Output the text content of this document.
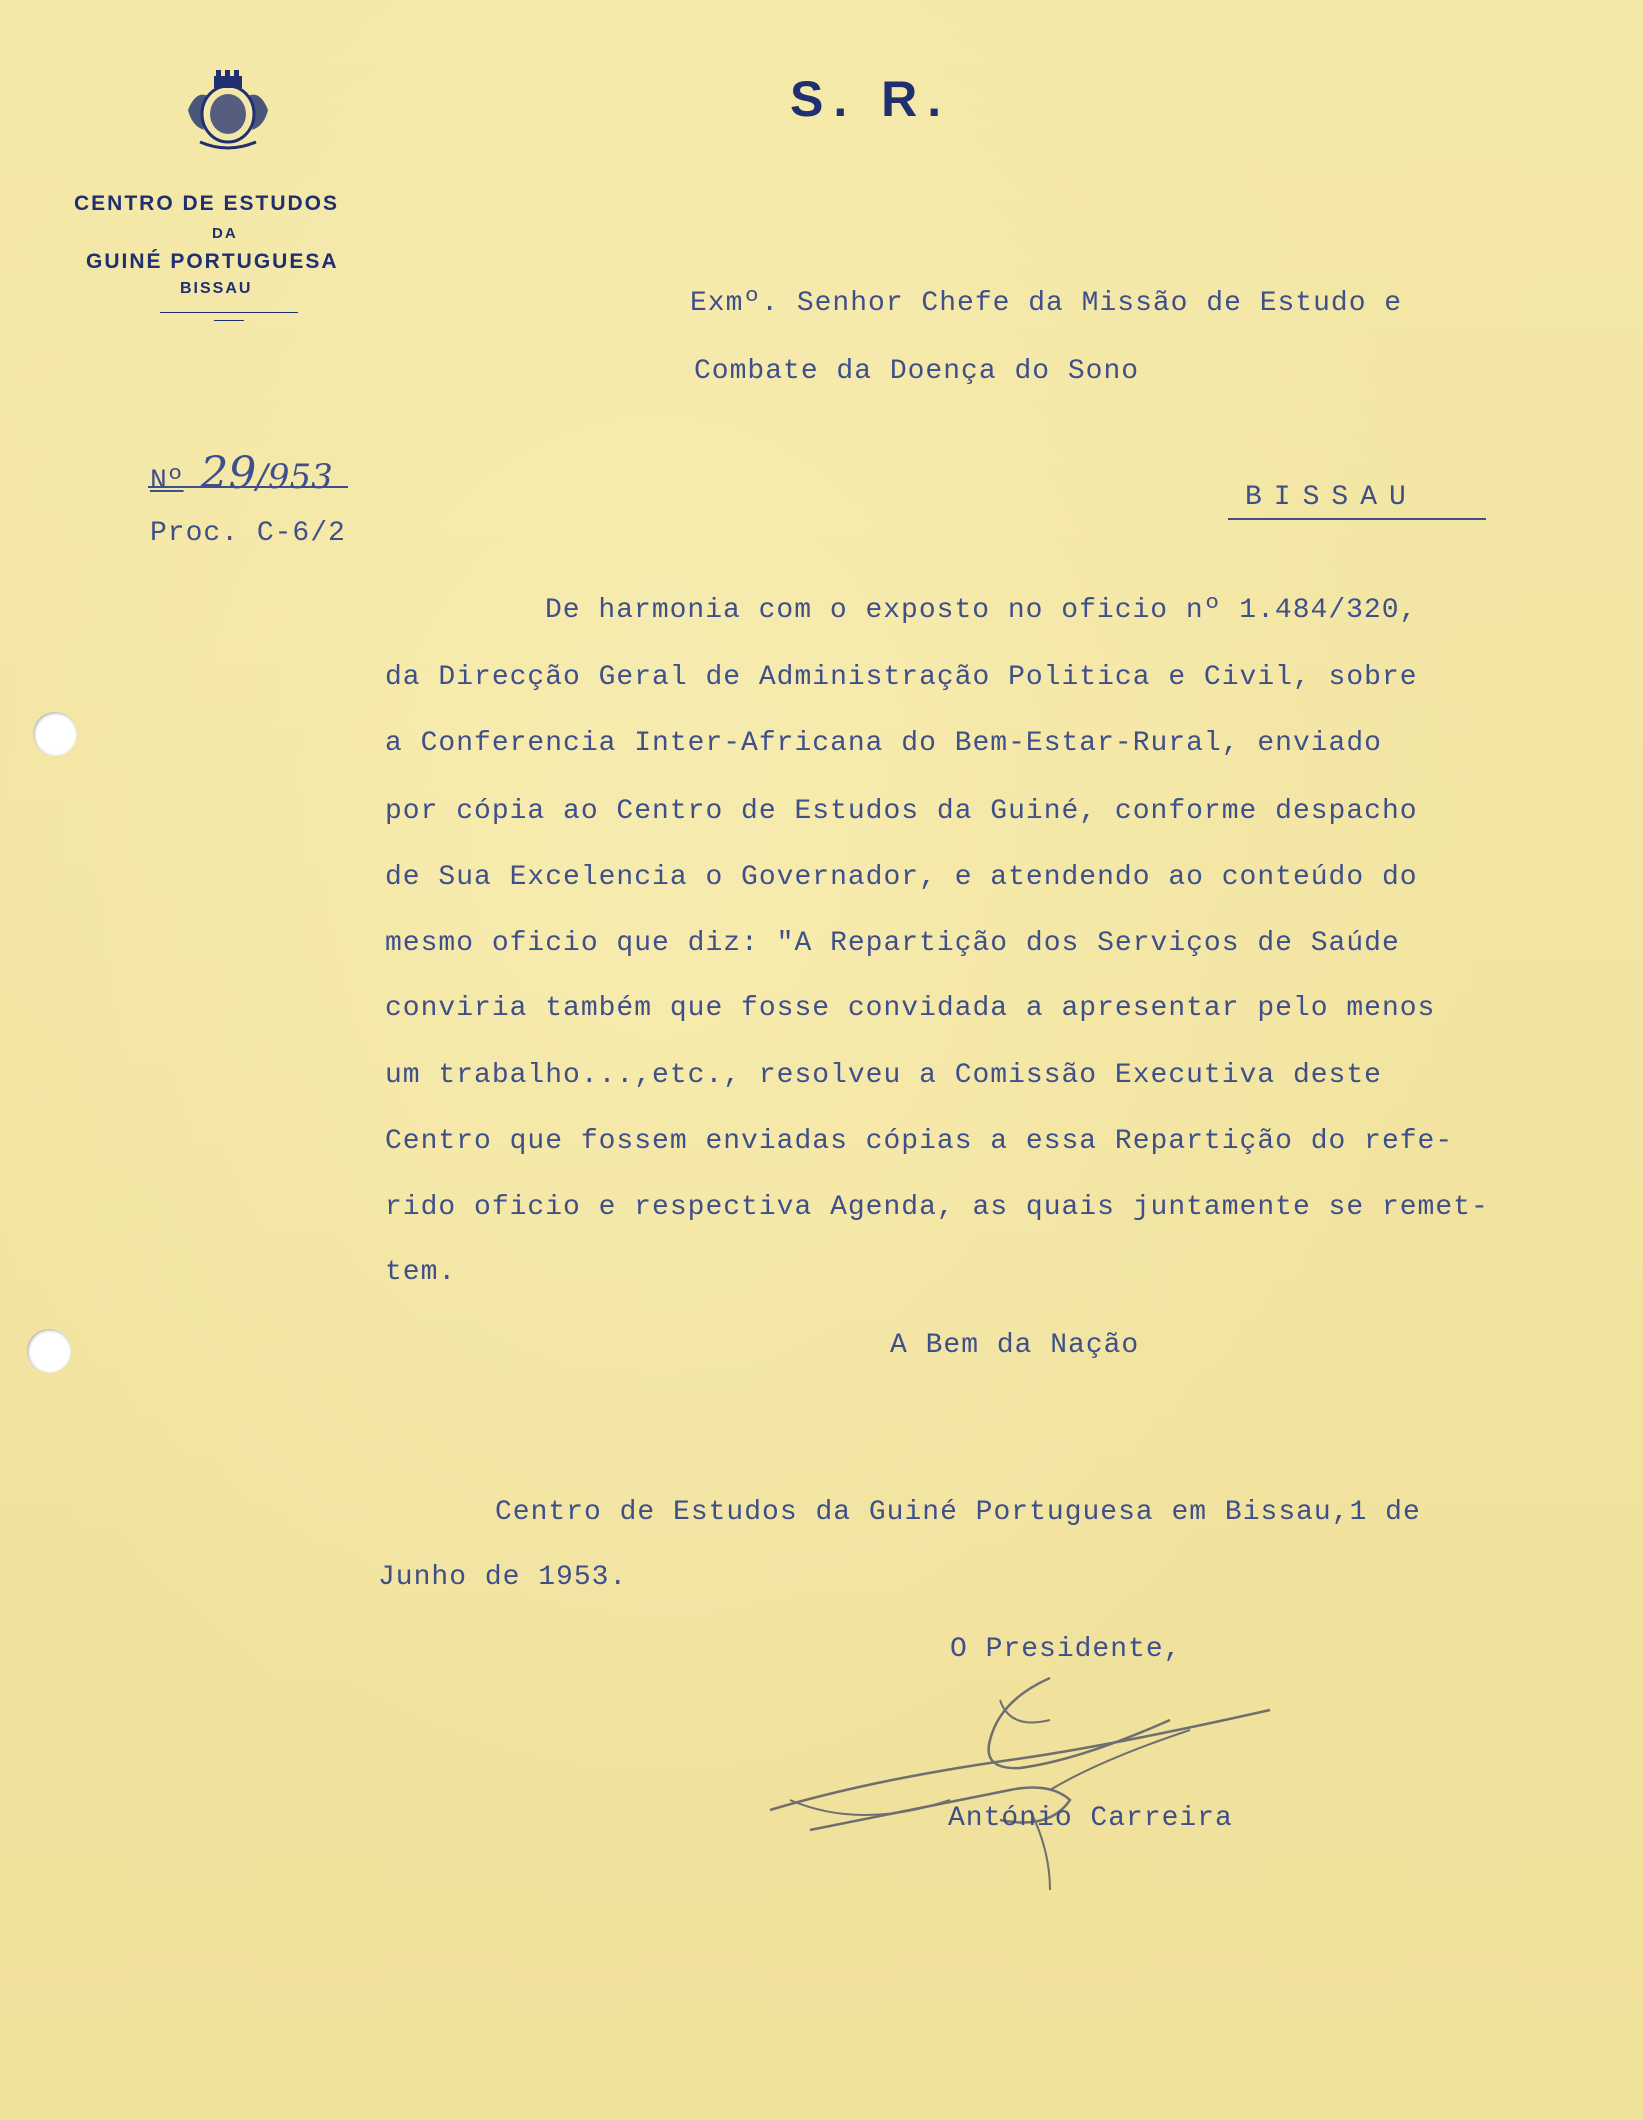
CENTRO DE ESTUDOS
DA
GUINÉ PORTUGUESA
BISSAU
S. R.
Exmº. Senhor Chefe da Missão de Estudo e
Combate da Doença do Sono
Nº 29/953
Proc. C-6/2
BISSAU
De harmonia com o exposto no oficio nº 1.484/320,
da Direcção Geral de Administração Politica e Civil, sobre
a Conferencia Inter-Africana do Bem-Estar-Rural, enviado
por cópia ao Centro de Estudos da Guiné, conforme despacho
de Sua Excelencia o Governador, e atendendo ao conteúdo do
mesmo oficio que diz: "A Repartição dos Serviços de Saúde
conviria também que fosse convidada a apresentar pelo menos
um trabalho...,etc., resolveu a Comissão Executiva deste
Centro que fossem enviadas cópias a essa Repartição do refe-
rido oficio e respectiva Agenda, as quais juntamente se remet-
tem.
A Bem da Nação
Centro de Estudos da Guiné Portuguesa em Bissau,1 de
Junho de 1953.
O Presidente,
António Carreira
